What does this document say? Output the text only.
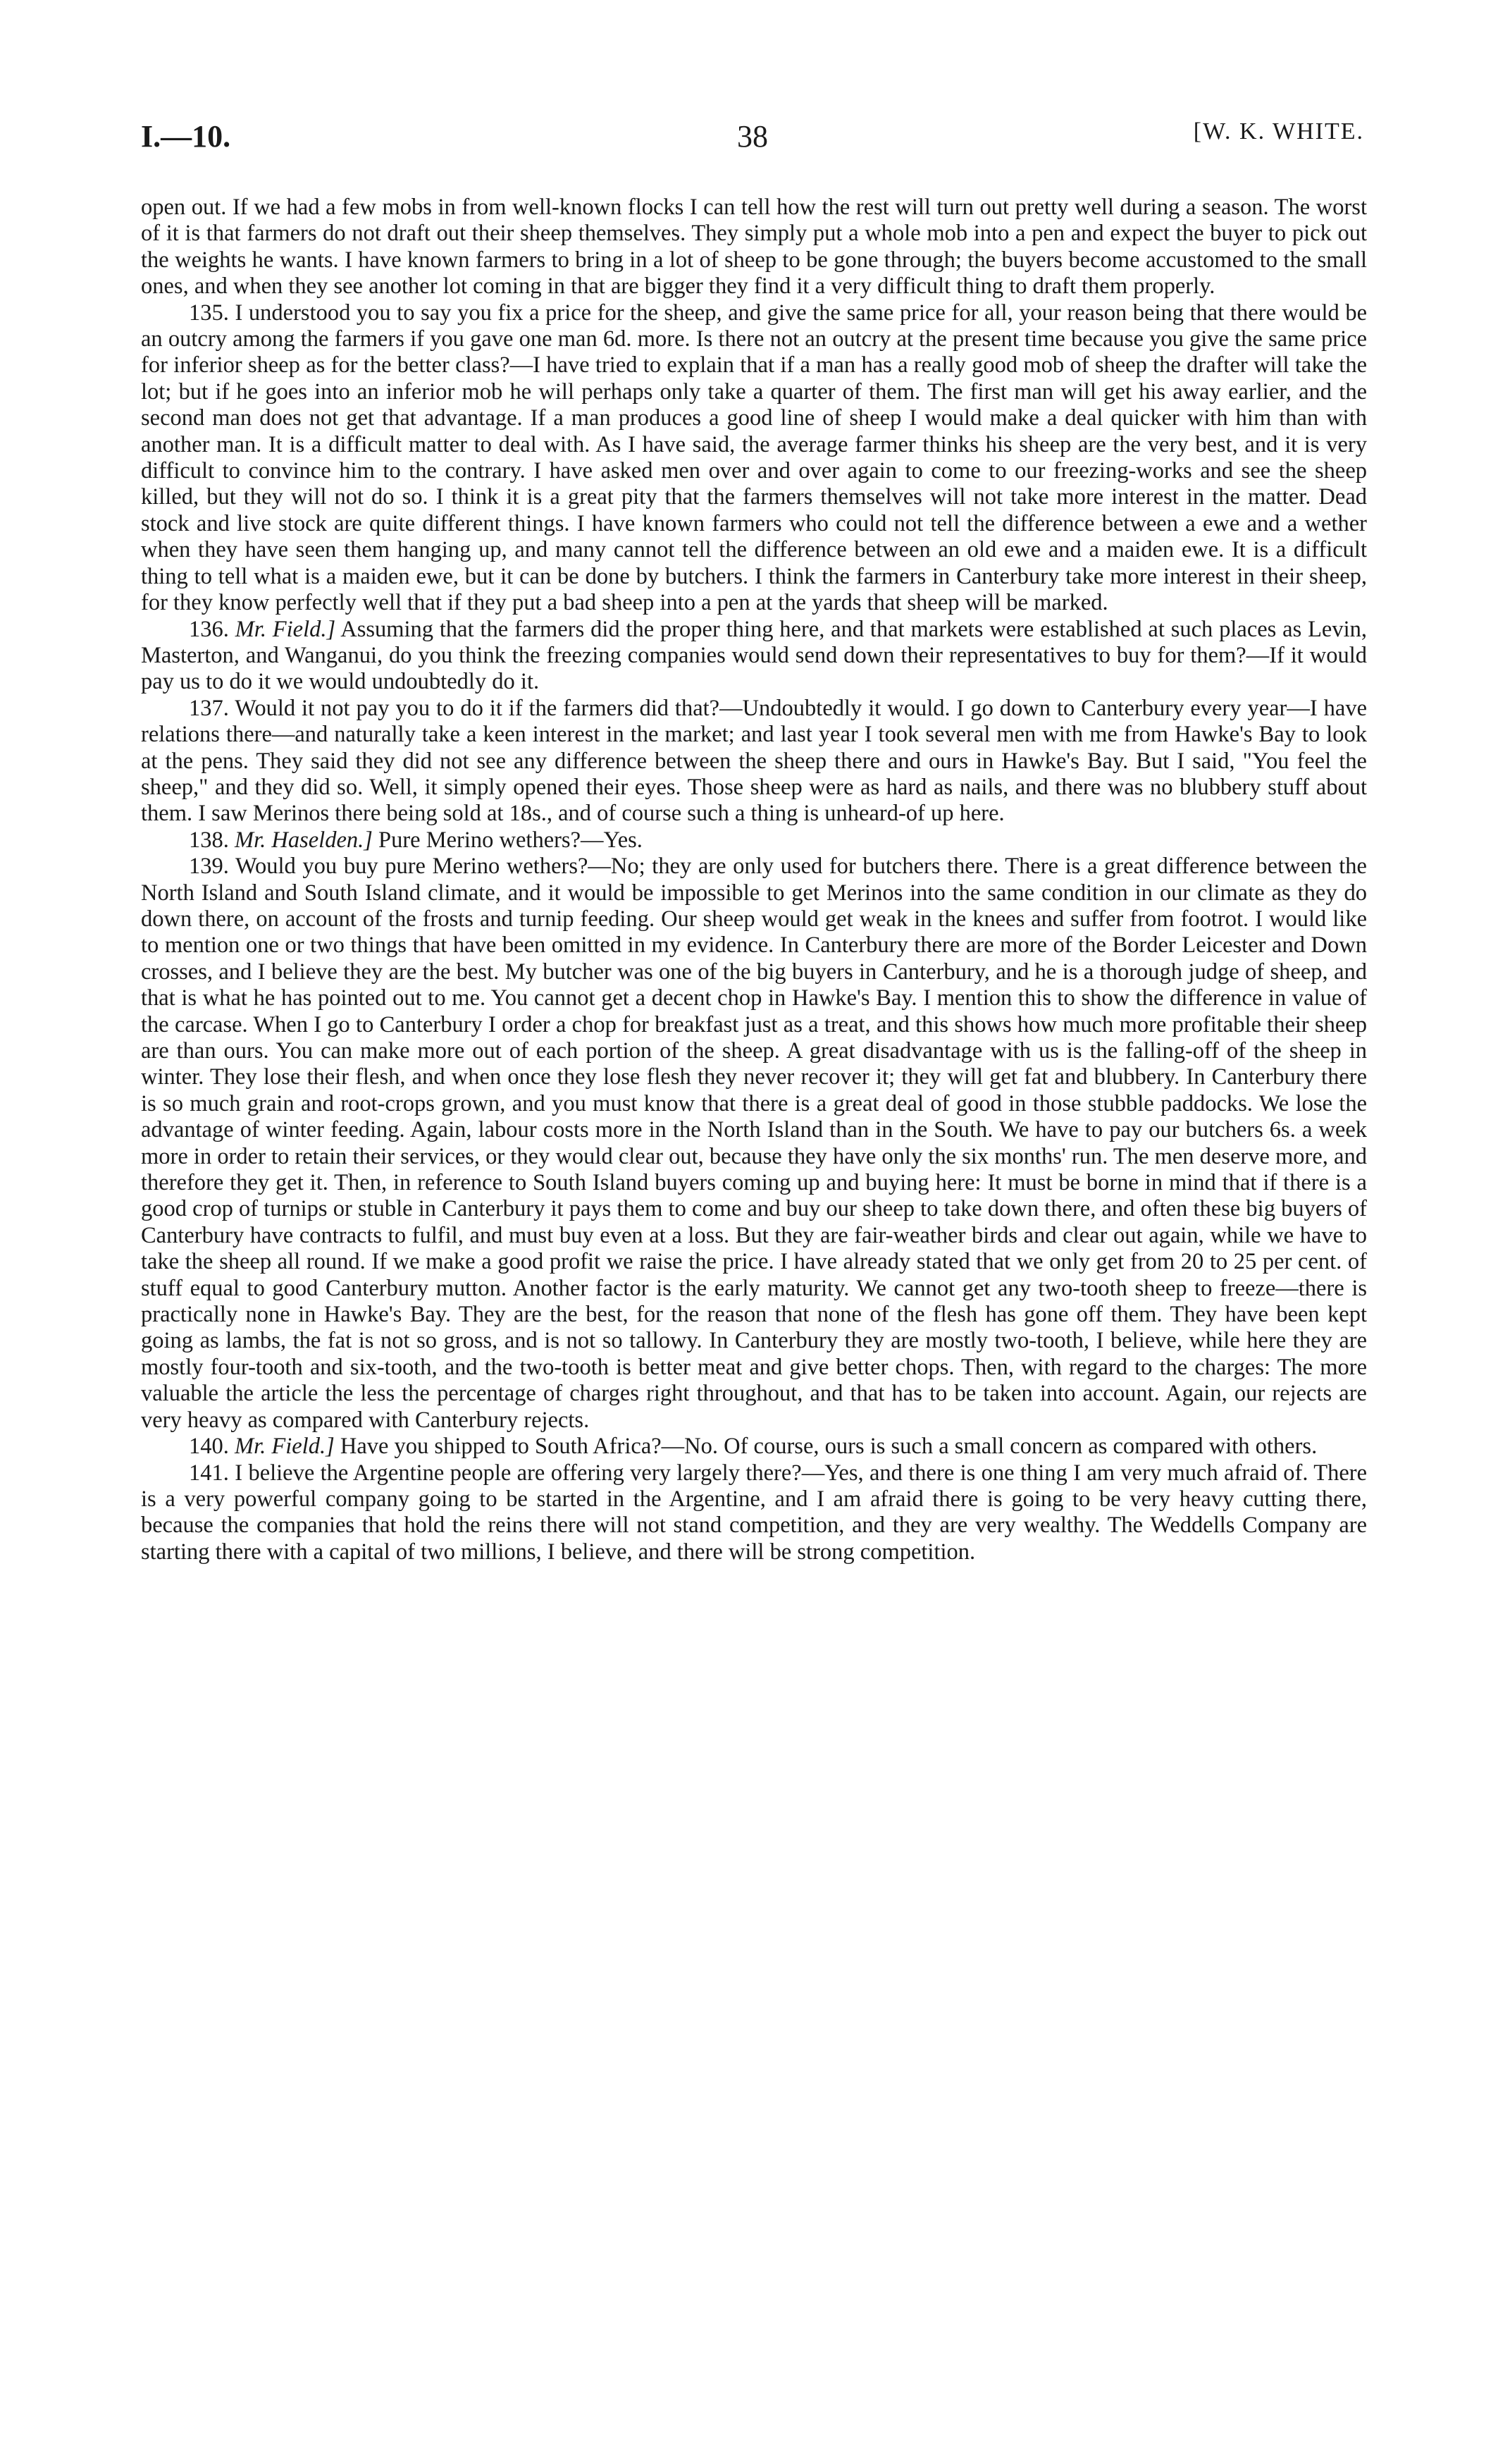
I.—10.	38	[W. K. WHITE.

open out. If we had a few mobs in from well-known flocks I can tell how the rest will turn out pretty well during a season. The worst of it is that farmers do not draft out their sheep themselves. They simply put a whole mob into a pen and expect the buyer to pick out the weights he wants. I have known farmers to bring in a lot of sheep to be gone through; the buyers become accustomed to the small ones, and when they see another lot coming in that are bigger they find it a very difficult thing to draft them properly.

135. I understood you to say you fix a price for the sheep, and give the same price for all, your reason being that there would be an outcry among the farmers if you gave one man 6d. more. Is there not an outcry at the present time because you give the same price for inferior sheep as for the better class?—I have tried to explain that if a man has a really good mob of sheep the drafter will take the lot; but if he goes into an inferior mob he will perhaps only take a quarter of them. The first man will get his away earlier, and the second man does not get that advantage. If a man produces a good line of sheep I would make a deal quicker with him than with another man. It is a difficult matter to deal with. As I have said, the average farmer thinks his sheep are the very best, and it is very difficult to convince him to the contrary. I have asked men over and over again to come to our freezing-works and see the sheep killed, but they will not do so. I think it is a great pity that the farmers themselves will not take more interest in the matter. Dead stock and live stock are quite different things. I have known farmers who could not tell the difference between a ewe and a wether when they have seen them hanging up, and many cannot tell the difference between an old ewe and a maiden ewe. It is a difficult thing to tell what is a maiden ewe, but it can be done by butchers. I think the farmers in Canterbury take more interest in their sheep, for they know perfectly well that if they put a bad sheep into a pen at the yards that sheep will be marked.

136. Mr. Field.] Assuming that the farmers did the proper thing here, and that markets were established at such places as Levin, Masterton, and Wanganui, do you think the freezing companies would send down their representatives to buy for them?—If it would pay us to do it we would undoubtedly do it.

137. Would it not pay you to do it if the farmers did that?—Undoubtedly it would. I go down to Canterbury every year—I have relations there—and naturally take a keen interest in the market; and last year I took several men with me from Hawke's Bay to look at the pens. They said they did not see any difference between the sheep there and ours in Hawke's Bay. But I said, "You feel the sheep," and they did so. Well, it simply opened their eyes. Those sheep were as hard as nails, and there was no blubbery stuff about them. I saw Merinos there being sold at 18s., and of course such a thing is unheard-of up here.

138. Mr. Haselden.] Pure Merino wethers?—Yes.

139. Would you buy pure Merino wethers?—No; they are only used for butchers there. There is a great difference between the North Island and South Island climate, and it would be impossible to get Merinos into the same condition in our climate as they do down there, on account of the frosts and turnip feeding. Our sheep would get weak in the knees and suffer from footrot. I would like to mention one or two things that have been omitted in my evidence. In Canterbury there are more of the Border Leicester and Down crosses, and I believe they are the best. My butcher was one of the big buyers in Canterbury, and he is a thorough judge of sheep, and that is what he has pointed out to me. You cannot get a decent chop in Hawke's Bay. I mention this to show the difference in value of the carcase. When I go to Canterbury I order a chop for breakfast just as a treat, and this shows how much more profitable their sheep are than ours. You can make more out of each portion of the sheep. A great disadvantage with us is the falling-off of the sheep in winter. They lose their flesh, and when once they lose flesh they never recover it; they will get fat and blubbery. In Canterbury there is so much grain and root-crops grown, and you must know that there is a great deal of good in those stubble paddocks. We lose the advantage of winter feeding. Again, labour costs more in the North Island than in the South. We have to pay our butchers 6s. a week more in order to retain their services, or they would clear out, because they have only the six months' run. The men deserve more, and therefore they get it. Then, in reference to South Island buyers coming up and buying here: It must be borne in mind that if there is a good crop of turnips or stuble in Canterbury it pays them to come and buy our sheep to take down there, and often these big buyers of Canterbury have contracts to fulfil, and must buy even at a loss. But they are fair-weather birds and clear out again, while we have to take the sheep all round. If we make a good profit we raise the price. I have already stated that we only get from 20 to 25 per cent. of stuff equal to good Canterbury mutton. Another factor is the early maturity. We cannot get any two-tooth sheep to freeze—there is practically none in Hawke's Bay. They are the best, for the reason that none of the flesh has gone off them. They have been kept going as lambs, the fat is not so gross, and is not so tallowy. In Canterbury they are mostly two-tooth, I believe, while here they are mostly four-tooth and six-tooth, and the two-tooth is better meat and give better chops. Then, with regard to the charges: The more valuable the article the less the percentage of charges right throughout, and that has to be taken into account. Again, our rejects are very heavy as compared with Canterbury rejects.

140. Mr. Field.] Have you shipped to South Africa?—No. Of course, ours is such a small concern as compared with others.

141. I believe the Argentine people are offering very largely there?—Yes, and there is one thing I am very much afraid of. There is a very powerful company going to be started in the Argentine, and I am afraid there is going to be very heavy cutting there, because the companies that hold the reins there will not stand competition, and they are very wealthy. The Weddells Company are starting there with a capital of two millions, I believe, and there will be strong competition.
